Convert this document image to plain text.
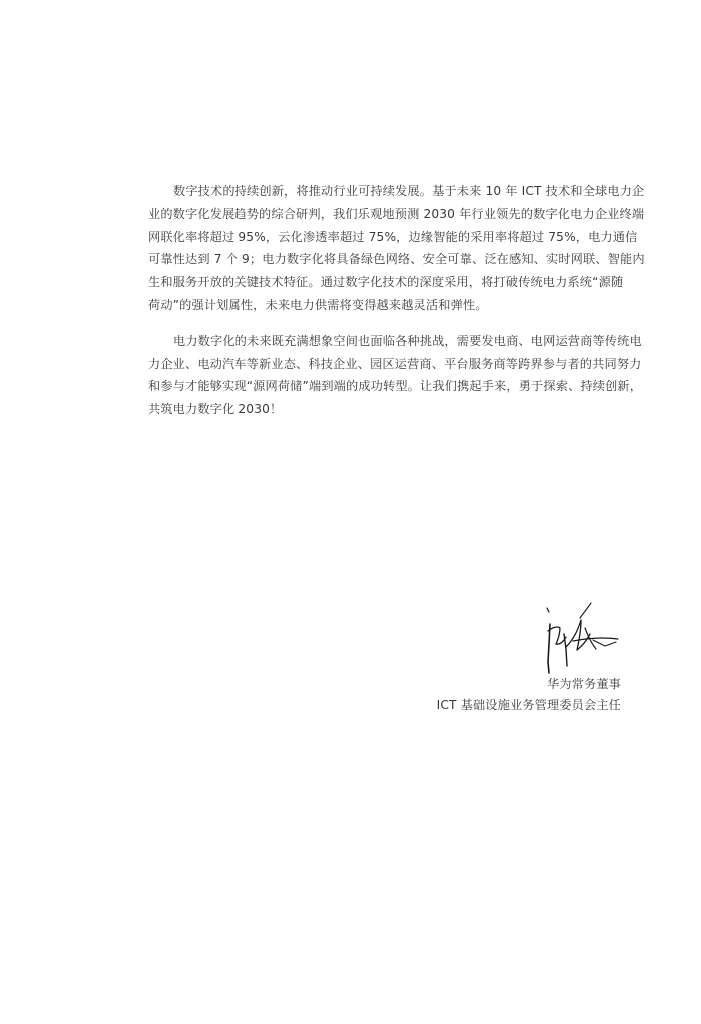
数字技术的持续创新，将推动行业可持续发展。基于未来 10 年 ICT 技术和全球电力企
业的数字化发展趋势的综合研判，我们乐观地预测 2030 年行业领先的数字化电力企业终端
网联化率将超过 95%，云化渗透率超过 75%，边缘智能的采用率将超过 75%，电力通信
可靠性达到 7 个 9；电力数字化将具备绿色网络、安全可靠、泛在感知、实时网联、智能内
生和服务开放的关键技术特征。通过数字化技术的深度采用，将打破传统电力系统“源随
荷动”的强计划属性，未来电力供需将变得越来越灵活和弹性。

电力数字化的未来既充满想象空间也面临各种挑战，需要发电商、电网运营商等传统电
力企业、电动汽车等新业态、科技企业、园区运营商、平台服务商等跨界参与者的共同努力
和参与才能够实现“源网荷储”端到端的成功转型。让我们携起手来，勇于探索、持续创新，
共筑电力数字化 2030！

华为常务董事
ICT 基础设施业务管理委员会主任
